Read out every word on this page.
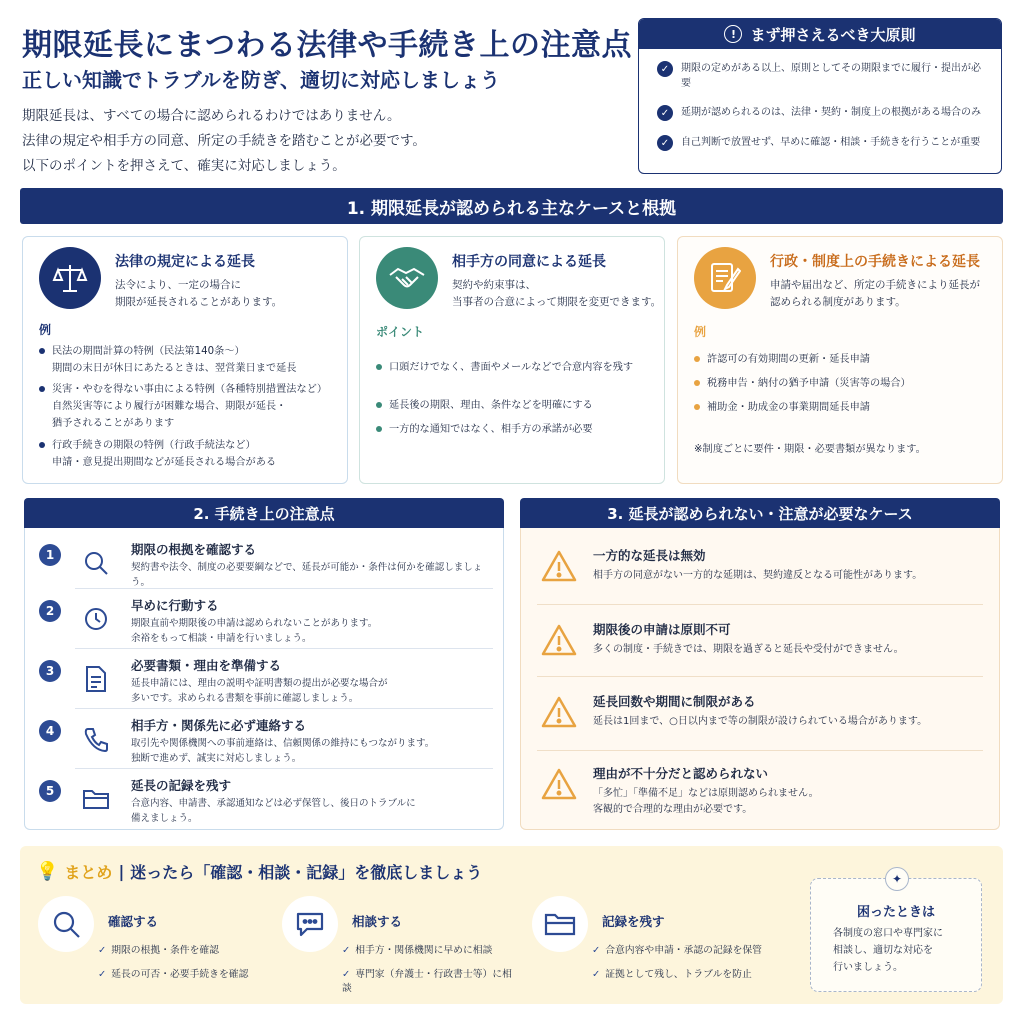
期限延長にまつわる法律や手続き上の注意点
正しい知識でトラブルを防ぎ、適切に対応しましょう
期限延長は、すべての場合に認められるわけではありません。
法律の規定や相手方の同意、所定の手続きを踏むことが必要です。
以下のポイントを押さえて、確実に対応しましょう。
! まず押さえるべき大原則
✓	期限の定めがある以上、原則としてその期限までに履行・提出が必要
✓	延期が認められるのは、法律・契約・制度上の根拠がある場合のみ
✓	自己判断で放置せず、早めに確認・相談・手続きを行うことが重要
1. 期限延長が認められる主なケースと根拠
法律の規定による延長
法令により、一定の場合に
期限が延長されることがあります。
例
民法の期間計算の特例（民法第140条～）
期間の末日が休日にあたるときは、翌営業日まで延長
災害・やむを得ない事由による特例（各種特別措置法など）
自然災害等により履行が困難な場合、期限が延長・
猶予されることがあります
行政手続きの期限の特例（行政手続法など）
申請・意見提出期間などが延長される場合がある
相手方の同意による延長
契約や約束事は、
当事者の合意によって期限を変更できます。
ポイント
口頭だけでなく、書面やメールなどで合意内容を残す
延長後の期限、理由、条件などを明確にする
一方的な通知ではなく、相手方の承諾が必要
行政・制度上の手続きによる延長
申請や届出など、所定の手続きにより延長が
認められる制度があります。
例
許認可の有効期間の更新・延長申請
税務申告・納付の猶予申請（災害等の場合）
補助金・助成金の事業期間延長申請
※制度ごとに要件・期限・必要書類が異なります。
2. 手続き上の注意点
1	期限の根拠を確認する
契約書や法令、制度の必要要綱などで、延長が可能か・条件は何かを確認しましょう。
2	早めに行動する
期限直前や期限後の申請は認められないことがあります。
余裕をもって相談・申請を行いましょう。
3	必要書類・理由を準備する
延長申請には、理由の説明や証明書類の提出が必要な場合が
多いです。求められる書類を事前に確認しましょう。
4	相手方・関係先に必ず連絡する
取引先や関係機関への事前連絡は、信頼関係の維持にもつながります。
独断で進めず、誠実に対応しましょう。
5	延長の記録を残す
合意内容、申請書、承認通知などは必ず保管し、後日のトラブルに
備えましょう。
3. 延長が認められない・注意が必要なケース
一方的な延長は無効
相手方の同意がない一方的な延期は、契約違反となる可能性があります。
期限後の申請は原則不可
多くの制度・手続きでは、期限を過ぎると延長や受付ができません。
延長回数や期間に制限がある
延長は1回まで、○日以内まで等の制限が設けられている場合があります。
理由が不十分だと認められない
「多忙」「準備不足」などは原則認められません。
客観的で合理的な理由が必要です。
💡 まとめ | 迷ったら「確認・相談・記録」を徹底しましょう
確認する
✓ 期限の根拠・条件を確認
✓ 延長の可否・必要手続きを確認
相談する
✓ 相手方・関係機関に早めに相談
✓ 専門家（弁護士・行政書士等）に相談
記録を残す
✓ 合意内容や申請・承認の記録を保管
✓ 証拠として残し、トラブルを防止
✦
困ったときは
各制度の窓口や専門家に
相談し、適切な対応を
行いましょう。
